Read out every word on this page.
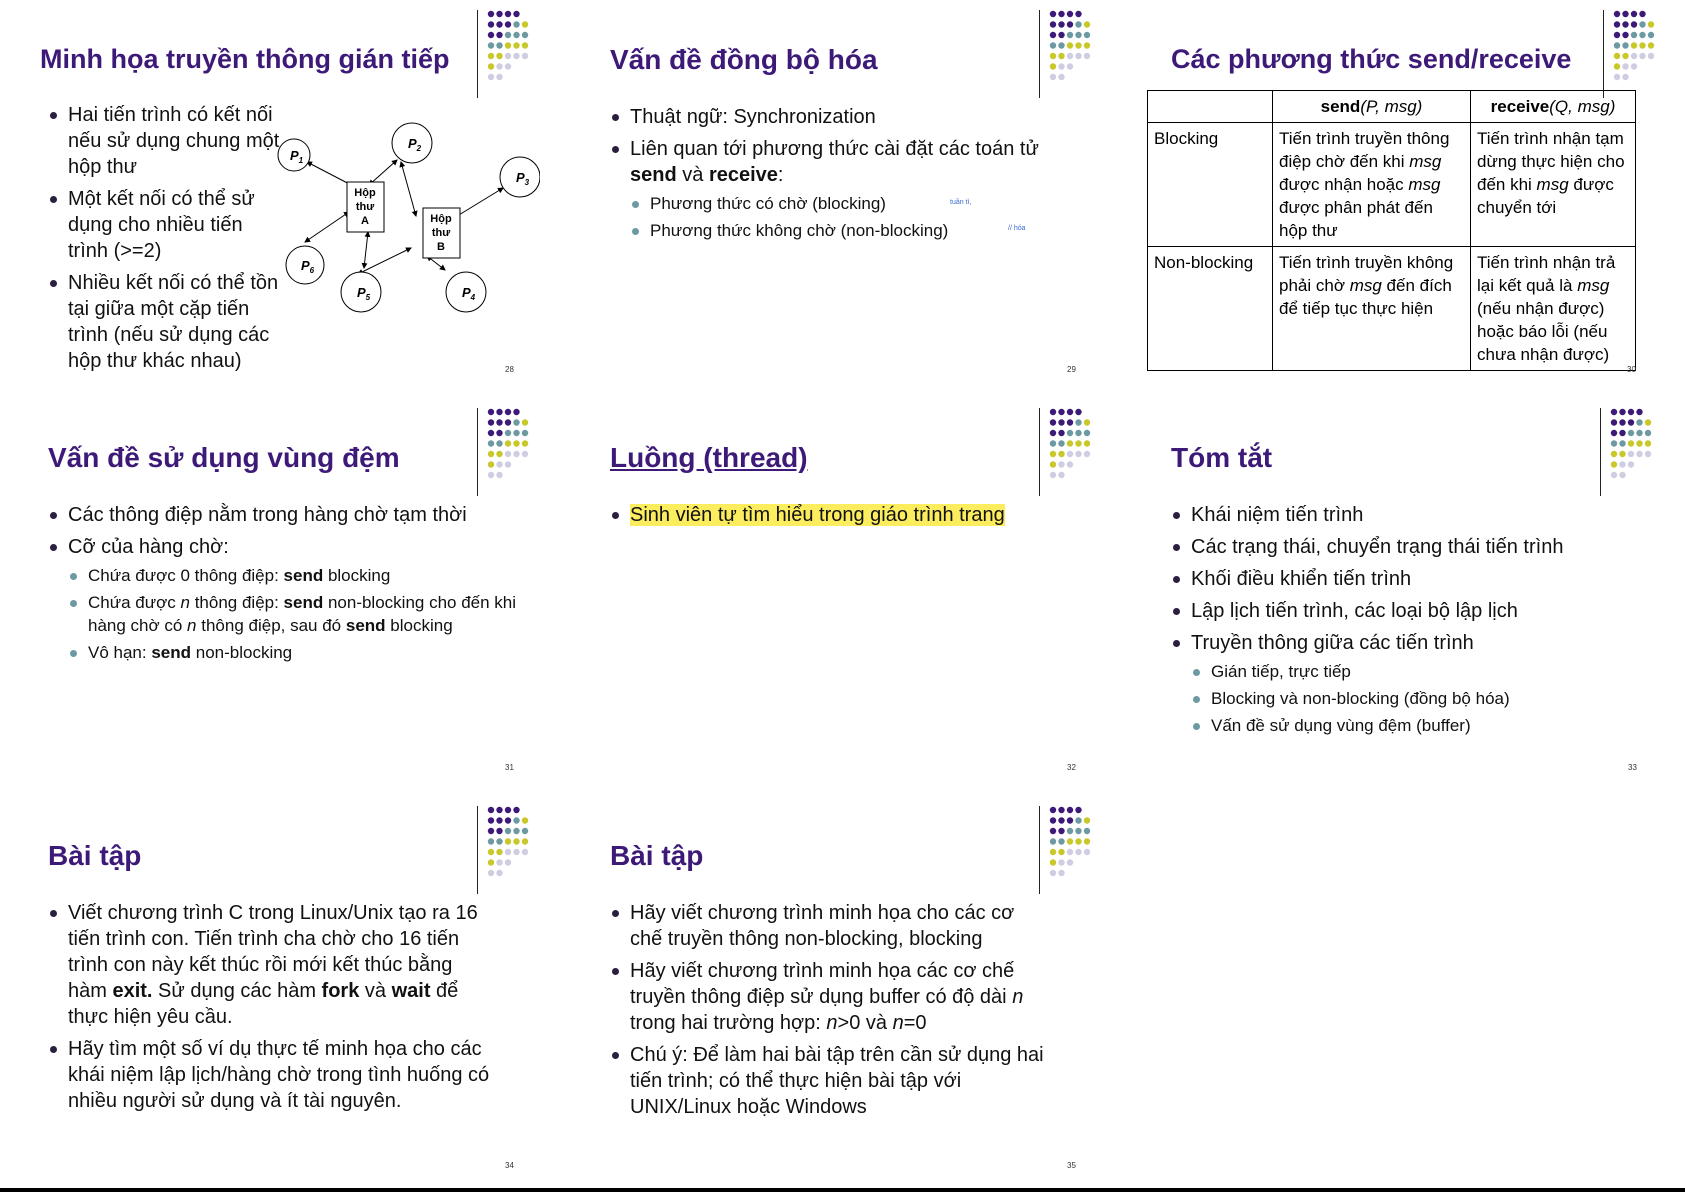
Minh họa truyền thông gián tiếp
Hai tiến trình có kết nối nếu sử dụng chung một hộp thư
Một kết nối có thể sử dụng cho nhiều tiến trình (>=2)
Nhiều kết nối có thể tồn tại giữa một cặp tiến trình (nếu sử dụng các hộp thư khác nhau)
$P_1$
$P_2$
$P_3$
$P_4$
$P_5$
$P_6$
Hộp
thư
A	Hộp
thư
B
28
Vấn đề đồng bộ hóa
Thuật ngữ: Synchronization
Liên quan tới phương thức cài đặt các toán tử send và receive:
Phương thức có chờ (blocking)
Phương thức không chờ (non-blocking)
tuần tì,
// hóa
29
Các phương thức send/receive
	send(P, msg)	receive(Q, msg)
Blocking	Tiến trình truyền thông điệp chờ đến khi msg được nhận hoặc msg được phân phát đến hộp thư	Tiến trình nhận tạm dừng thực hiện cho đến khi msg được chuyển tới
Non-blocking	Tiến trình truyền không phải chờ msg đến đích để tiếp tục thực hiện	Tiến trình nhận trả lại kết quả là msg (nếu nhận được) hoặc báo lỗi (nếu chưa nhận được)
30
Vấn đề sử dụng vùng đệm
Các thông điệp nằm trong hàng chờ tạm thời
Cỡ của hàng chờ:
Chứa được 0 thông điệp: send blocking
Chứa được n thông điệp: send non-blocking cho đến khi hàng chờ có n thông điệp, sau đó send blocking
Vô hạn: send non-blocking
31
Luồng (thread)
Sinh viên tự tìm hiểu trong giáo trình trang
32
Tóm tắt
Khái niệm tiến trình
Các trạng thái, chuyển trạng thái tiến trình
Khối điều khiển tiến trình
Lập lịch tiến trình, các loại bộ lập lịch
Truyền thông giữa các tiến trình
Gián tiếp, trực tiếp
Blocking và non-blocking (đồng bộ hóa)
Vấn đề sử dụng vùng đệm (buffer)
33
Bài tập
Viết chương trình C trong Linux/Unix tạo ra 16 tiến trình con. Tiến trình cha chờ cho 16 tiến trình con này kết thúc rồi mới kết thúc bằng hàm exit. Sử dụng các hàm fork và wait để thực hiện yêu cầu.
Hãy tìm một số ví dụ thực tế minh họa cho các khái niệm lập lịch/hàng chờ trong tình huống có nhiều người sử dụng và ít tài nguyên.
34
Bài tập
Hãy viết chương trình minh họa cho các cơ chế truyền thông non-blocking, blocking
Hãy viết chương trình minh họa các cơ chế truyền thông điệp sử dụng buffer có độ dài n trong hai trường hợp: n>0 và n=0
Chú ý: Để làm hai bài tập trên cần sử dụng hai tiến trình; có thể thực hiện bài tập với UNIX/Linux hoặc Windows
35
